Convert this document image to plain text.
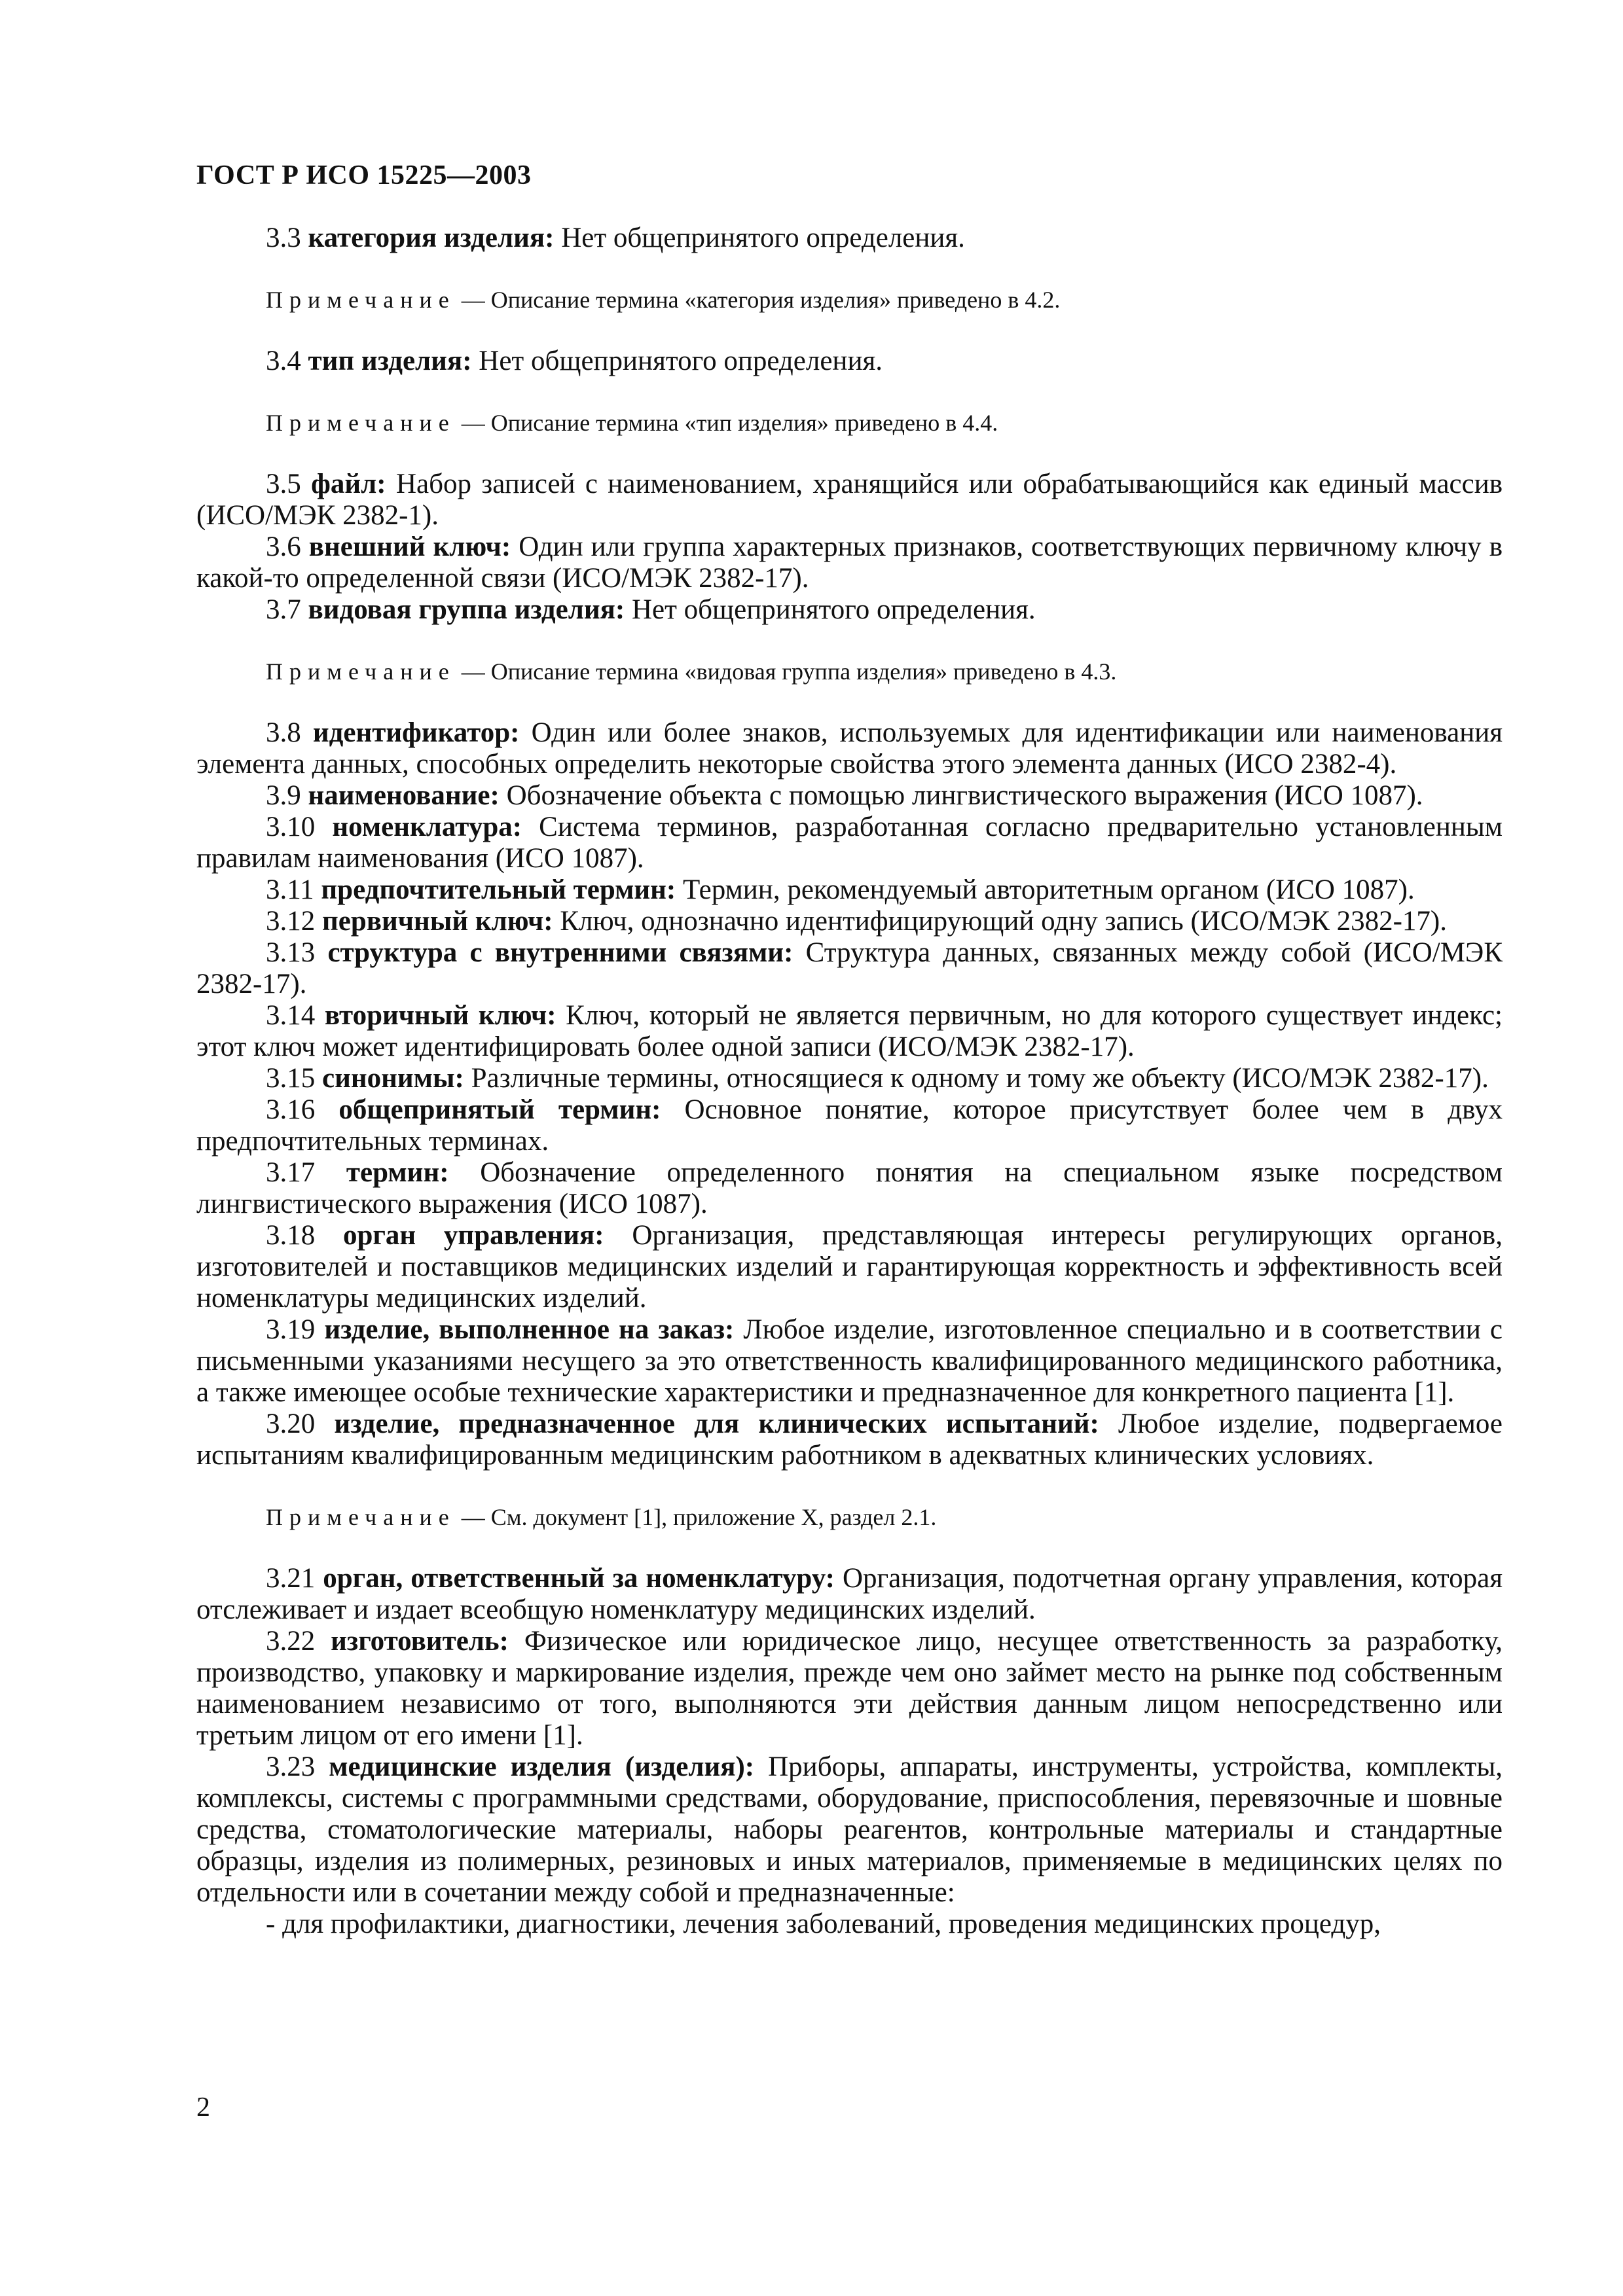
ГОСТ Р ИСО 15225—2003

3.3 категория изделия: Нет общепринятого определения.

Примечание — Описание термина «категория изделия» приведено в 4.2.

3.4 тип изделия: Нет общепринятого определения.

Примечание — Описание термина «тип изделия» приведено в 4.4.

3.5 файл: Набор записей с наименованием, хранящийся или обрабатывающийся как единый массив (ИСО/МЭК 2382-1).

3.6 внешний ключ: Один или группа характерных признаков, соответствующих первичному ключу в какой-то определенной связи (ИСО/МЭК 2382-17).

3.7 видовая группа изделия: Нет общепринятого определения.

Примечание — Описание термина «видовая группа изделия» приведено в 4.3.

3.8 идентификатор: Один или более знаков, используемых для идентификации или наименования элемента данных, способных определить некоторые свойства этого элемента данных (ИСО 2382-4).

3.9 наименование: Обозначение объекта с помощью лингвистического выражения (ИСО 1087).

3.10 номенклатура: Система терминов, разработанная согласно предварительно установленным правилам наименования (ИСО 1087).

3.11 предпочтительный термин: Термин, рекомендуемый авторитетным органом (ИСО 1087).

3.12 первичный ключ: Ключ, однозначно идентифицирующий одну запись (ИСО/МЭК 2382-17).

3.13 структура с внутренними связями: Структура данных, связанных между собой (ИСО/МЭК 2382-17).

3.14 вторичный ключ: Ключ, который не является первичным, но для которого существует индекс; этот ключ может идентифицировать более одной записи (ИСО/МЭК 2382-17).

3.15 синонимы: Различные термины, относящиеся к одному и тому же объекту (ИСО/МЭК 2382-17).

3.16 общепринятый термин: Основное понятие, которое присутствует более чем в двух предпочтительных терминах.

3.17 термин: Обозначение определенного понятия на специальном языке посредством лингвистического выражения (ИСО 1087).

3.18 орган управления: Организация, представляющая интересы регулирующих органов, изготовителей и поставщиков медицинских изделий и гарантирующая корректность и эффективность всей номенклатуры медицинских изделий.

3.19 изделие, выполненное на заказ: Любое изделие, изготовленное специально и в соответствии с письменными указаниями несущего за это ответственность квалифицированного медицинского работника, а также имеющее особые технические характеристики и предназначенное для конкретного пациента [1].

3.20 изделие, предназначенное для клинических испытаний: Любое изделие, подвергаемое испытаниям квалифицированным медицинским работником в адекватных клинических условиях.

Примечание — См. документ [1], приложение X, раздел 2.1.

3.21 орган, ответственный за номенклатуру: Организация, подотчетная органу управления, которая отслеживает и издает всеобщую номенклатуру медицинских изделий.

3.22 изготовитель: Физическое или юридическое лицо, несущее ответственность за разработку, производство, упаковку и маркирование изделия, прежде чем оно займет место на рынке под собственным наименованием независимо от того, выполняются эти действия данным лицом непосредственно или третьим лицом от его имени [1].

3.23 медицинские изделия (изделия): Приборы, аппараты, инструменты, устройства, комплекты, комплексы, системы с программными средствами, оборудование, приспособления, перевязочные и шовные средства, стоматологические материалы, наборы реагентов, контрольные материалы и стандартные образцы, изделия из полимерных, резиновых и иных материалов, применяемые в медицинских целях по отдельности или в сочетании между собой и предназначенные:

- для профилактики, диагностики, лечения заболеваний, проведения медицинских процедур,

2
